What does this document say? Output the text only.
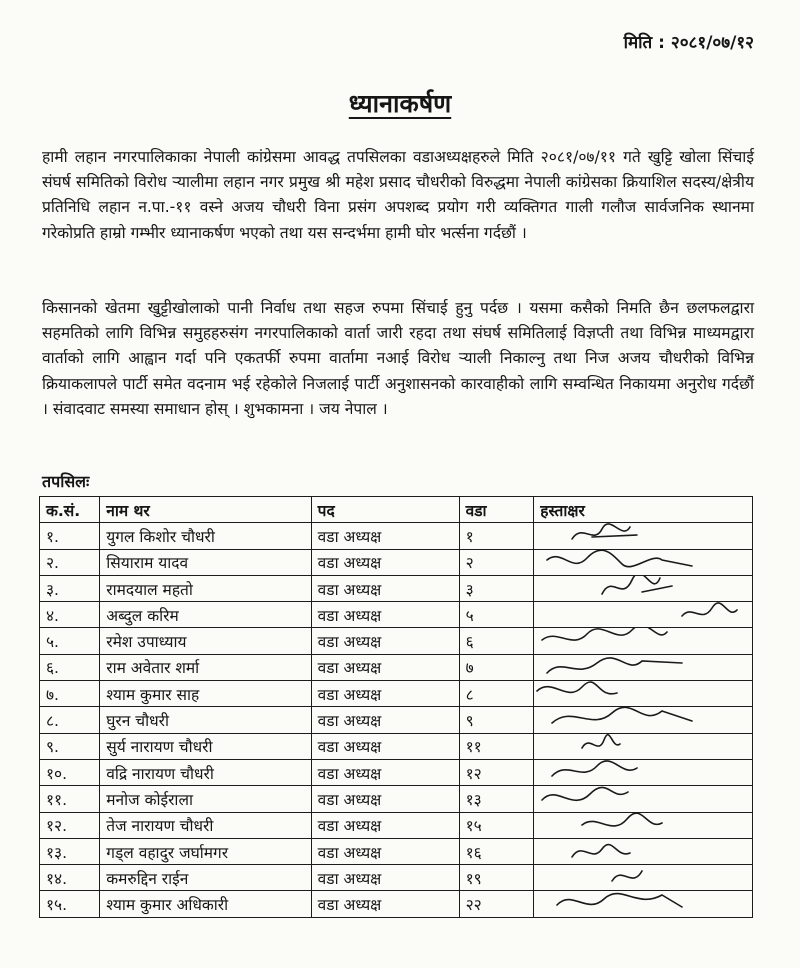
मिति : २०८१/०७/१२
ध्यानाकर्षण

हामी लहान नगरपालिकाका नेपाली कांग्रेसमा आवद्ध तपसिलका वडाअध्यक्षहरुले मिति २०८१/०७/११ गते खुट्टि खोला सिंचाई संघर्ष समितिको विरोध र्‍यालीमा लहान नगर प्रमुख श्री महेश प्रसाद चौधरीको विरुद्धमा नेपाली कांग्रेसका क्रियाशिल सदस्य/क्षेत्रीय प्रतिनिधि लहान न.पा.-११ वस्ने अजय चौधरी विना प्रसंग अपशब्द प्रयोग गरी व्यक्तिगत गाली गलौज सार्वजनिक स्थानमा गरेकोप्रति हाम्रो गम्भीर ध्यानाकर्षण भएको तथा यस सन्दर्भमा हामी घोर भर्त्सना गर्दछौं ।

किसानको खेतमा खुट्टीखोलाको पानी निर्वाध तथा सहज रुपमा सिंचाई हुनु पर्दछ । यसमा कसैको निमति छैन छलफलद्वारा सहमतिको लागि विभिन्न समुहहरुसंग नगरपालिकाको वार्ता जारी रहदा तथा संघर्ष समितिलाई विज्ञप्ती तथा विभिन्न माध्यमद्वारा वार्ताको लागि आह्वान गर्दा पनि एकतर्फी रुपमा वार्तामा नआई विरोध र्‍याली निकाल्नु तथा निज अजय चौधरीको विभिन्न क्रियाकलापले पार्टी समेत वदनाम भई रहेकोले निजलाई पार्टी अनुशासनको कारवाहीको लागि सम्वन्धित निकायमा अनुरोध गर्दछौं । संवादवाट समस्या समाधान होस् । शुभकामना । जय नेपाल ।

तपसिलः
क.सं.	नाम थर	पद	वडा	हस्ताक्षर
१.	युगल किशोर चौधरी	वडा अध्यक्ष	१	

२.	सियाराम यादव	वडा अध्यक्ष	२	

३.	रामदयाल महतो	वडा अध्यक्ष	३	

४.	अब्दुल करिम	वडा अध्यक्ष	५	

५.	रमेश उपाध्याय	वडा अध्यक्ष	६	

६.	राम अवेतार शर्मा	वडा अध्यक्ष	७	

७.	श्याम कुमार साह	वडा अध्यक्ष	८	

८.	घुरन चौधरी	वडा अध्यक्ष	९	

९.	सुर्य नारायण चौधरी	वडा अध्यक्ष	११	

१०.	वद्रि नारायण चौधरी	वडा अध्यक्ष	१२	

११.	मनोज कोईराला	वडा अध्यक्ष	१३	

१२.	तेज नारायण चौधरी	वडा अध्यक्ष	१५	

१३.	गड्ल वहादुर जर्घामगर	वडा अध्यक्ष	१६	

१४.	कमरुद्दिन राईन	वडा अध्यक्ष	१९	

१५.	श्याम कुमार अधिकारी	वडा अध्यक्ष	२२	
